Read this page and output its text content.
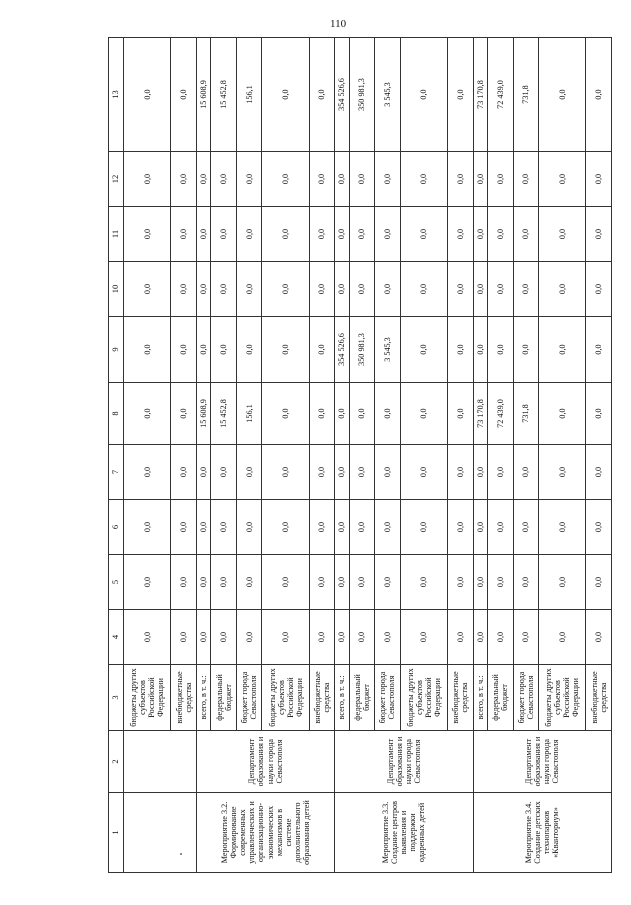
110
1	2	3	4	5	6	7	8	9	10	11	12	13
		бюджеты других субъектов Российской Федерации	0,0	0,0	0,0	0,0	0,0	0,0	0,0	0,0	0,0	0,0
		внебюджетные средства	0,0	0,0	0,0	0,0	0,0	0,0	0,0	0,0	0,0	0,0
Мероприятие 3.2. Формирование современных управленческих и организационно-экономических механизмов в системе дополнительного образования детей	Департамент образования и науки города Севастополя	всего, в т. ч.:	0,0	0,0	0,0	0,0	15 608,9	0,0	0,0	0,0	0,0	15 608,9
		федеральный бюджет	0,0	0,0	0,0	0,0	15 452,8	0,0	0,0	0,0	0,0	15 452,8
		бюджет города Севастополя	0,0	0,0	0,0	0,0	156,1	0,0	0,0	0,0	0,0	156,1
		бюджеты других субъектов Российской Федерации	0,0	0,0	0,0	0,0	0,0	0,0	0,0	0,0	0,0	0,0
		внебюджетные средства	0,0	0,0	0,0	0,0	0,0	0,0	0,0	0,0	0,0	0,0
Мероприятие 3.3. Создание центров выявления и поддержки одаренных детей	Департамент образования и науки города Севастополя	всего, в т. ч.:	0,0	0,0	0,0	0,0	0,0	354 526,6	0,0	0,0	0,0	354 526,6
		федеральный бюджет	0,0	0,0	0,0	0,0	0,0	350 981,3	0,0	0,0	0,0	350 981,3
		бюджет города Севастополя	0,0	0,0	0,0	0,0	0,0	3 545,3	0,0	0,0	0,0	3 545,3
		бюджеты других субъектов Российской Федерации	0,0	0,0	0,0	0,0	0,0	0,0	0,0	0,0	0,0	0,0
		внебюджетные средства	0,0	0,0	0,0	0,0	0,0	0,0	0,0	0,0	0,0	0,0
Мероприятие 3.4. Создание детских технопарков «Кванториум»	Департамент образования и науки города Севастополя	всего, в т. ч.:	0,0	0,0	0,0	0,0	73 170,8	0,0	0,0	0,0	0,0	73 170,8
		федеральный бюджет	0,0	0,0	0,0	0,0	72 439,0	0,0	0,0	0,0	0,0	72 439,0
		бюджет города Севастополя	0,0	0,0	0,0	0,0	731,8	0,0	0,0	0,0	0,0	731,8
		бюджеты других субъектов Российской Федерации	0,0	0,0	0,0	0,0	0,0	0,0	0,0	0,0	0,0	0,0
		внебюджетные средства	0,0	0,0	0,0	0,0	0,0	0,0	0,0	0,0	0,0	0,0
